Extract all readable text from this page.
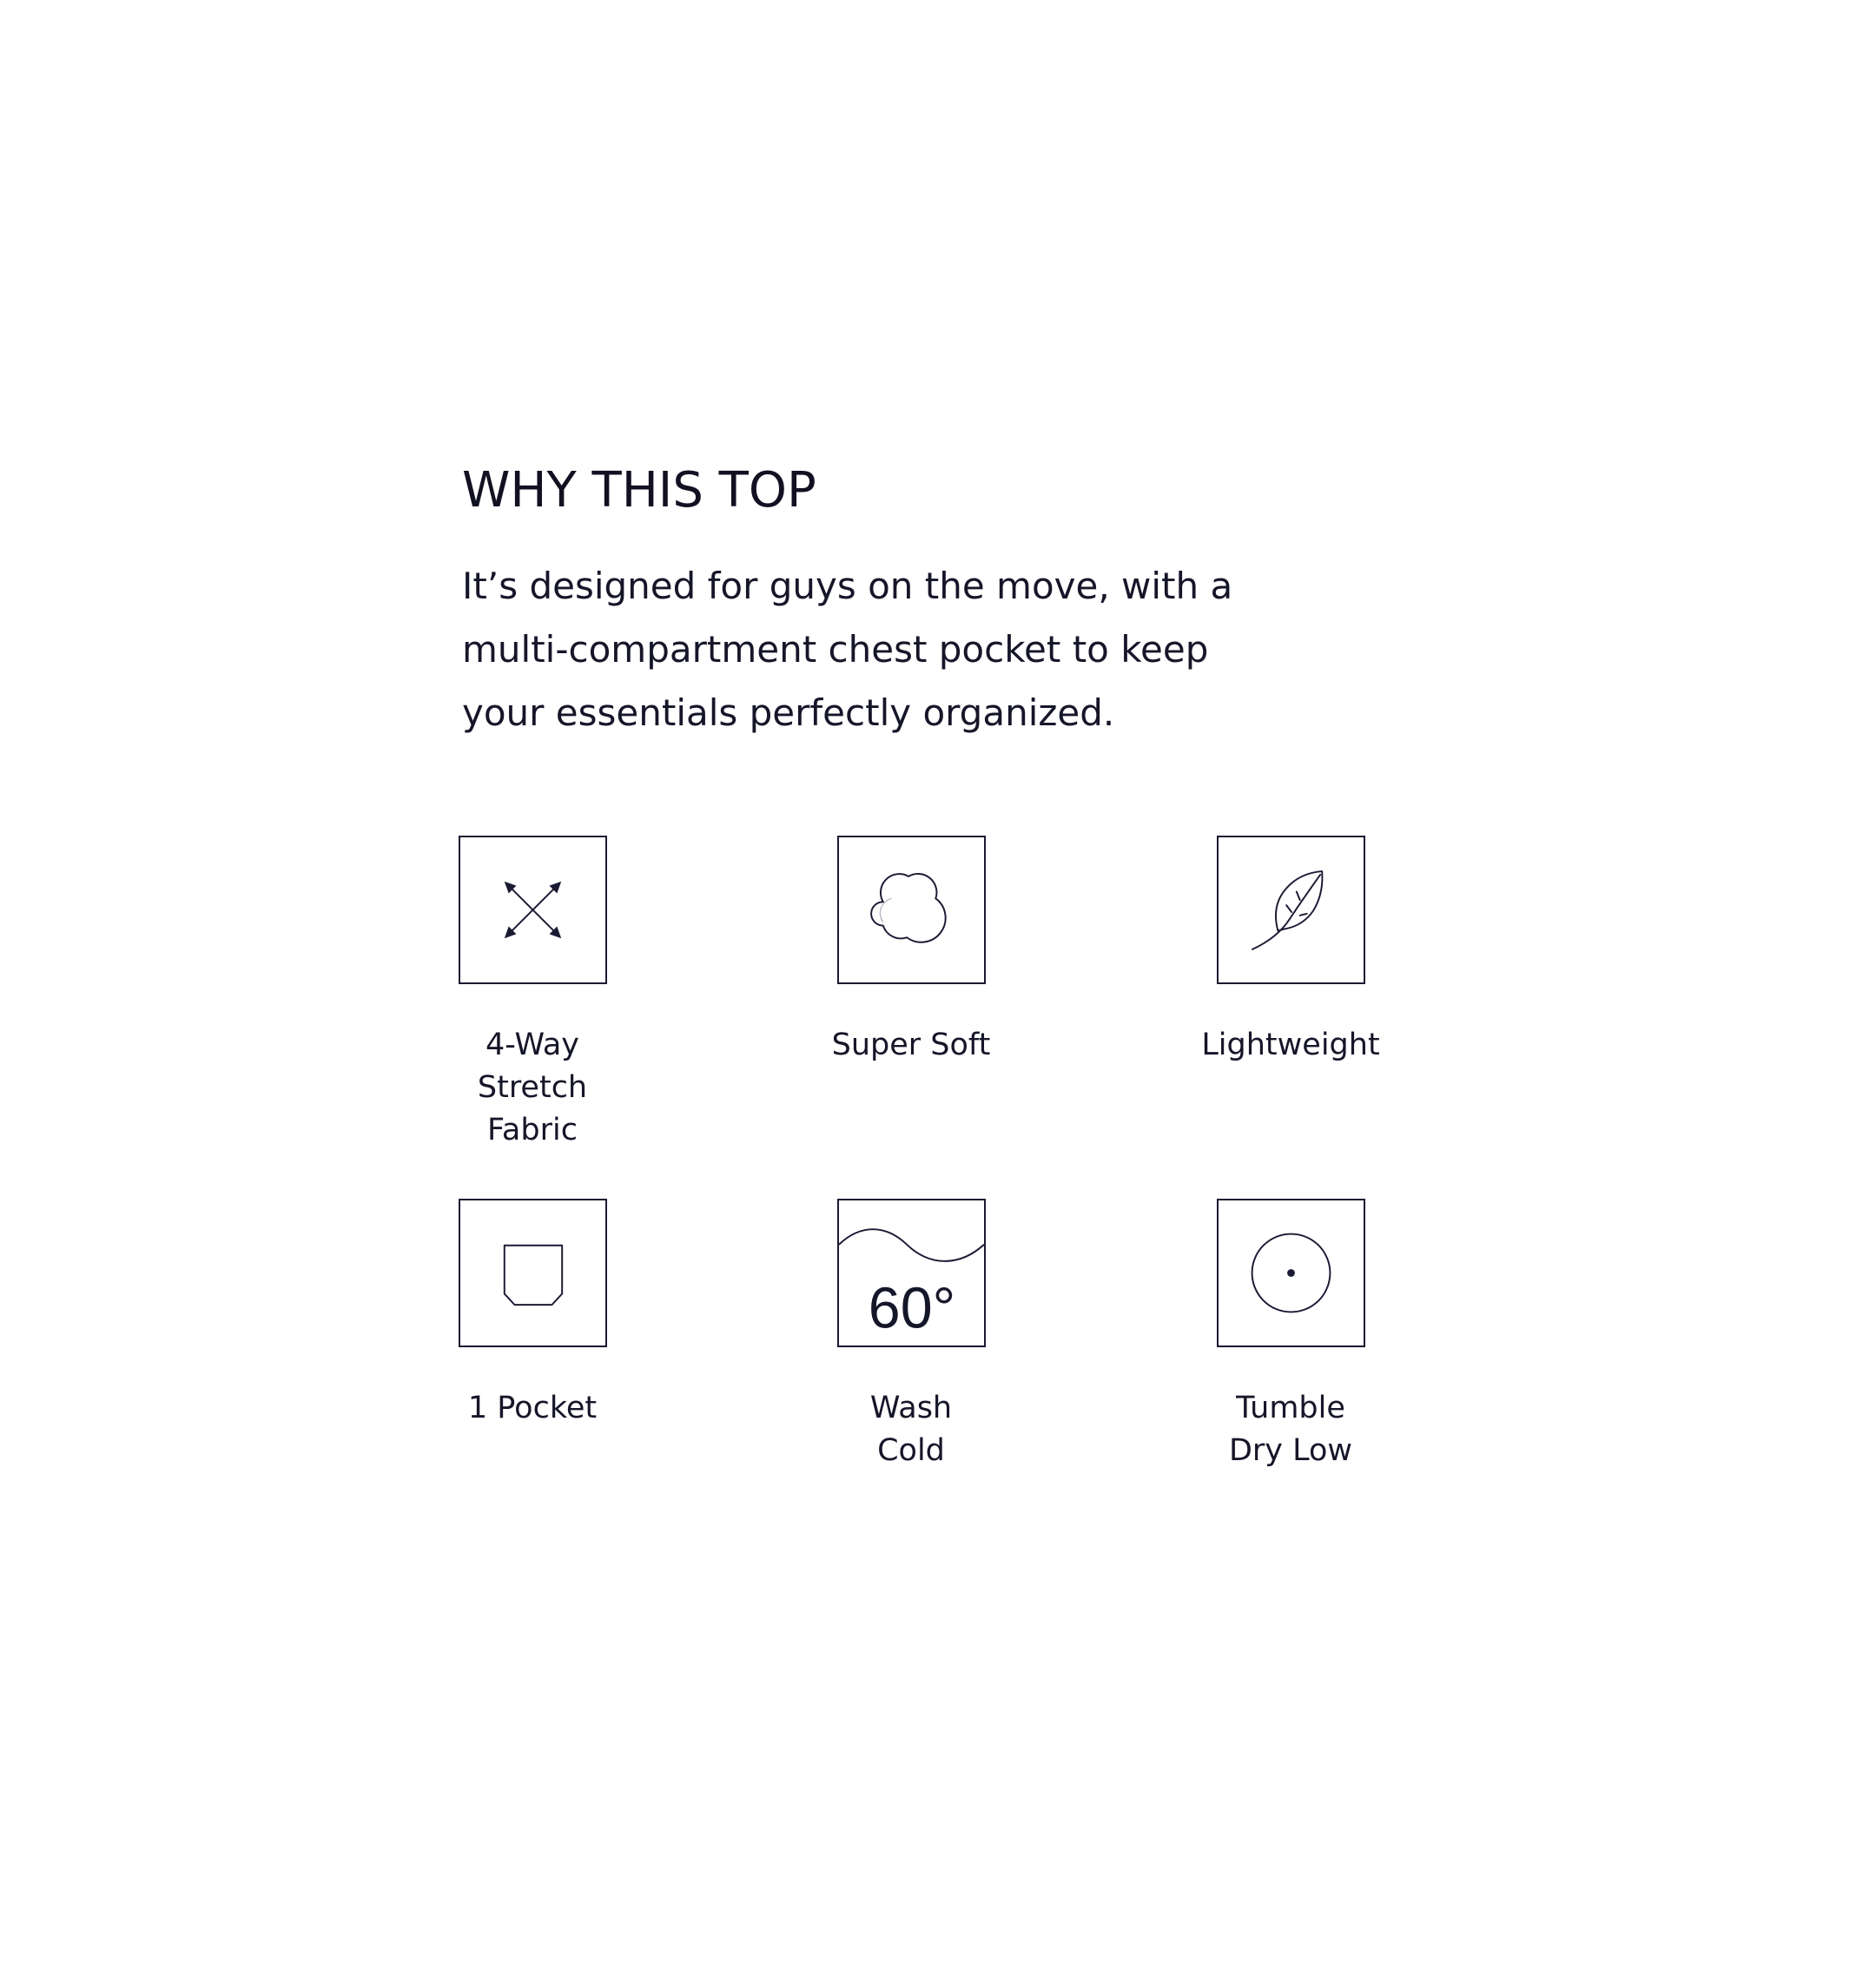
WHY THIS TOP

It’s designed for guys on the move, with a
multi-compartment chest pocket to keep
your essentials perfectly organized.

4-Way
Stretch
Fabric
Super Soft	Lightweight
1 Pocket
60°
Wash
Cold
Tumble
Dry Low
